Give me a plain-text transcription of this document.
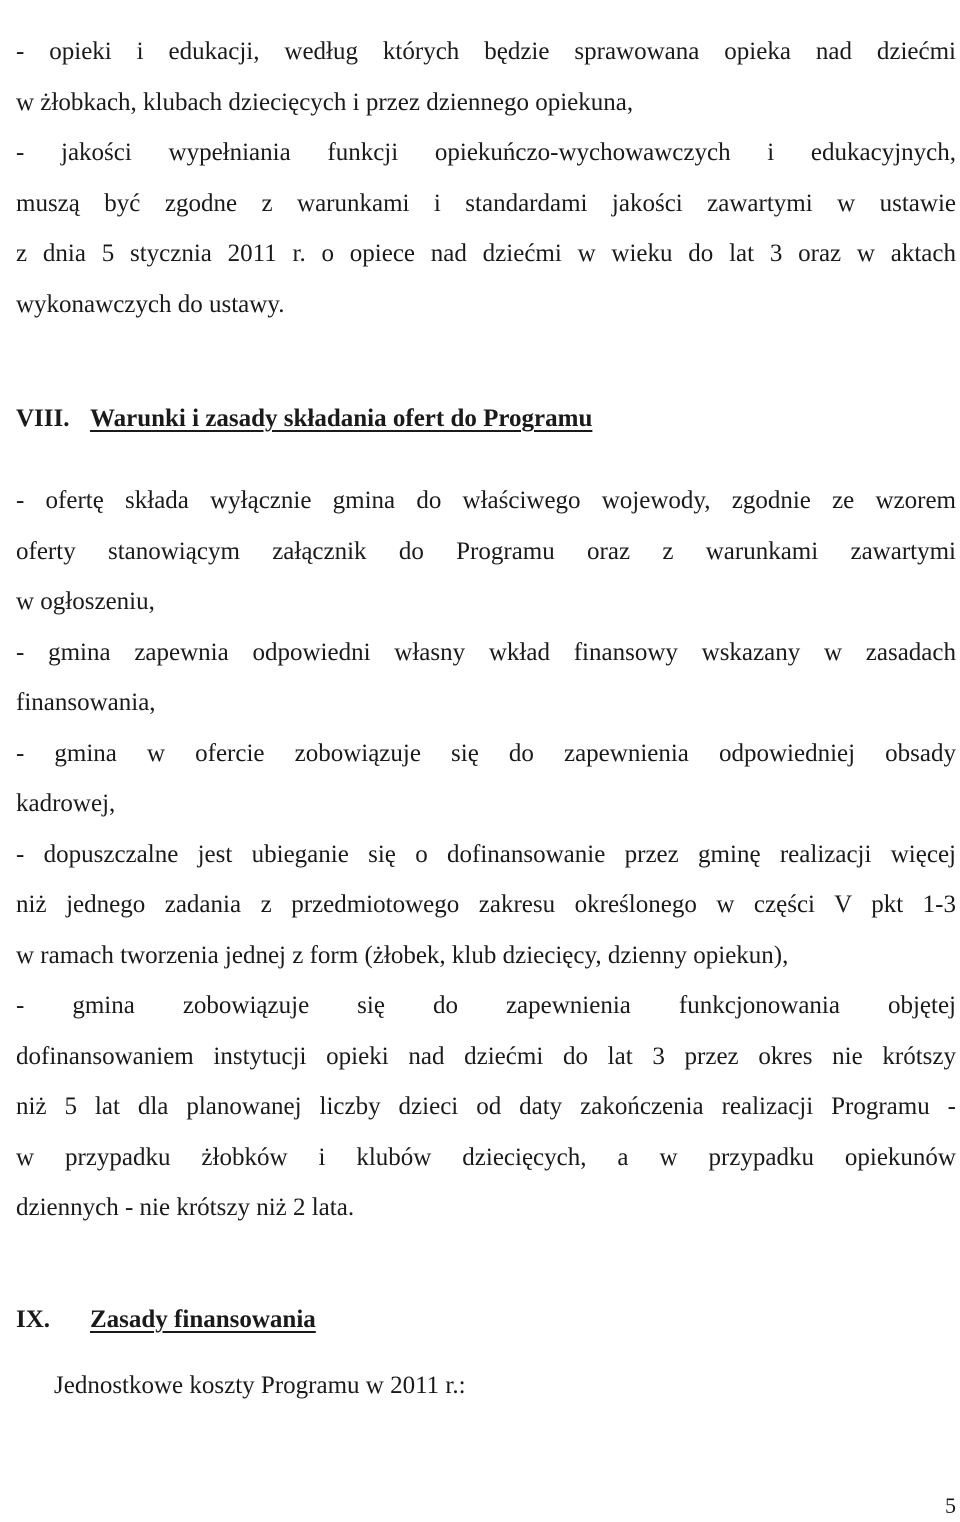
- opieki i edukacji, według których będzie sprawowana opieka nad dziećmi
w żłobkach, klubach dziecięcych i przez dziennego opiekuna,
- jakości wypełniania funkcji opiekuńczo-wychowawczych i edukacyjnych,
muszą być zgodne z warunkami i standardami jakości zawartymi w ustawie
z dnia 5 stycznia 2011 r. o opiece nad dziećmi w wieku do lat 3 oraz w aktach
wykonawczych do ustawy.
VIII. Warunki i zasady składania ofert do Programu
- ofertę składa wyłącznie gmina do właściwego wojewody, zgodnie ze wzorem
oferty stanowiącym załącznik do Programu oraz z warunkami zawartymi
w ogłoszeniu,
- gmina zapewnia odpowiedni własny wkład finansowy wskazany w zasadach
finansowania,
- gmina w ofercie zobowiązuje się do zapewnienia odpowiedniej obsady
kadrowej,
- dopuszczalne jest ubieganie się o dofinansowanie przez gminę realizacji więcej
niż jednego zadania z przedmiotowego zakresu określonego w części V pkt 1-3
w ramach tworzenia jednej z form (żłobek, klub dziecięcy, dzienny opiekun),
- gmina zobowiązuje się do zapewnienia funkcjonowania objętej
dofinansowaniem instytucji opieki nad dziećmi do lat 3 przez okres nie krótszy
niż 5 lat dla planowanej liczby dzieci od daty zakończenia realizacji Programu -
w przypadku żłobków i klubów dziecięcych, a w przypadku opiekunów
dziennych - nie krótszy niż 2 lata.
IX. Zasady finansowania
Jednostkowe koszty Programu w 2011 r.:
5
